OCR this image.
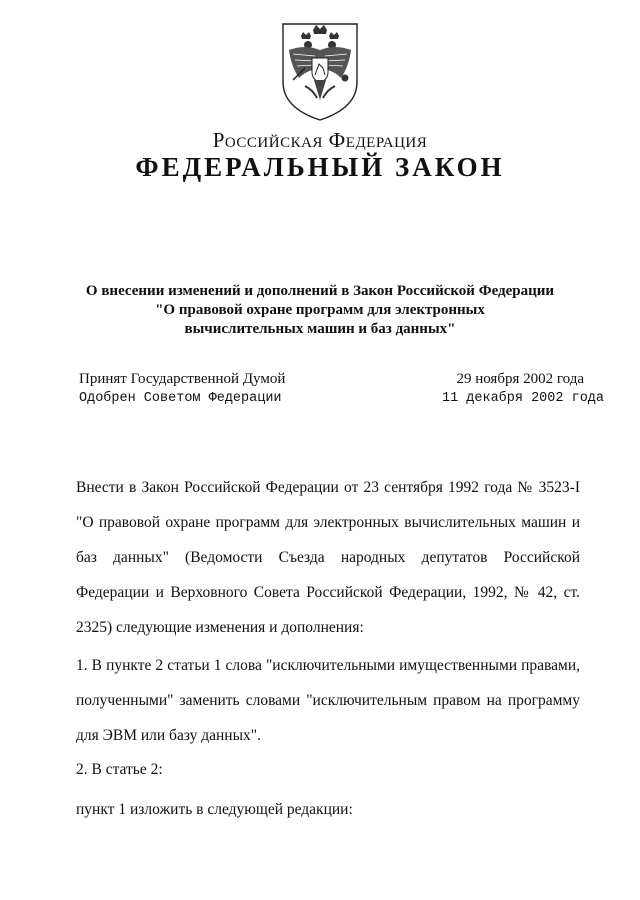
Российская Федерация
ФЕДЕРАЛЬНЫЙ ЗАКОН
О внесении изменений и дополнений в Закон Российской Федерации
"О правовой охране программ для электронных
вычислительных машин и баз данных"
Принят Государственной Думой	29 ноября 2002 года
Одобрен Советом Федерации	11 декабря 2002 года
Внести в Закон Российской Федерации от 23 сентября 1992 года № 3523-I "О правовой охране программ для электронных вычислительных машин и баз данных" (Ведомости Съезда народных депутатов Российской Федерации и Верховного Совета Российской Федерации, 1992, № 42, ст. 2325) следующие изменения и дополнения:
1. В пункте 2 статьи 1 слова "исключительными имущественными правами, полученными" заменить словами "исключительным правом на программу для ЭВМ или базу данных".
2. В статье 2:
пункт 1 изложить в следующей редакции:
